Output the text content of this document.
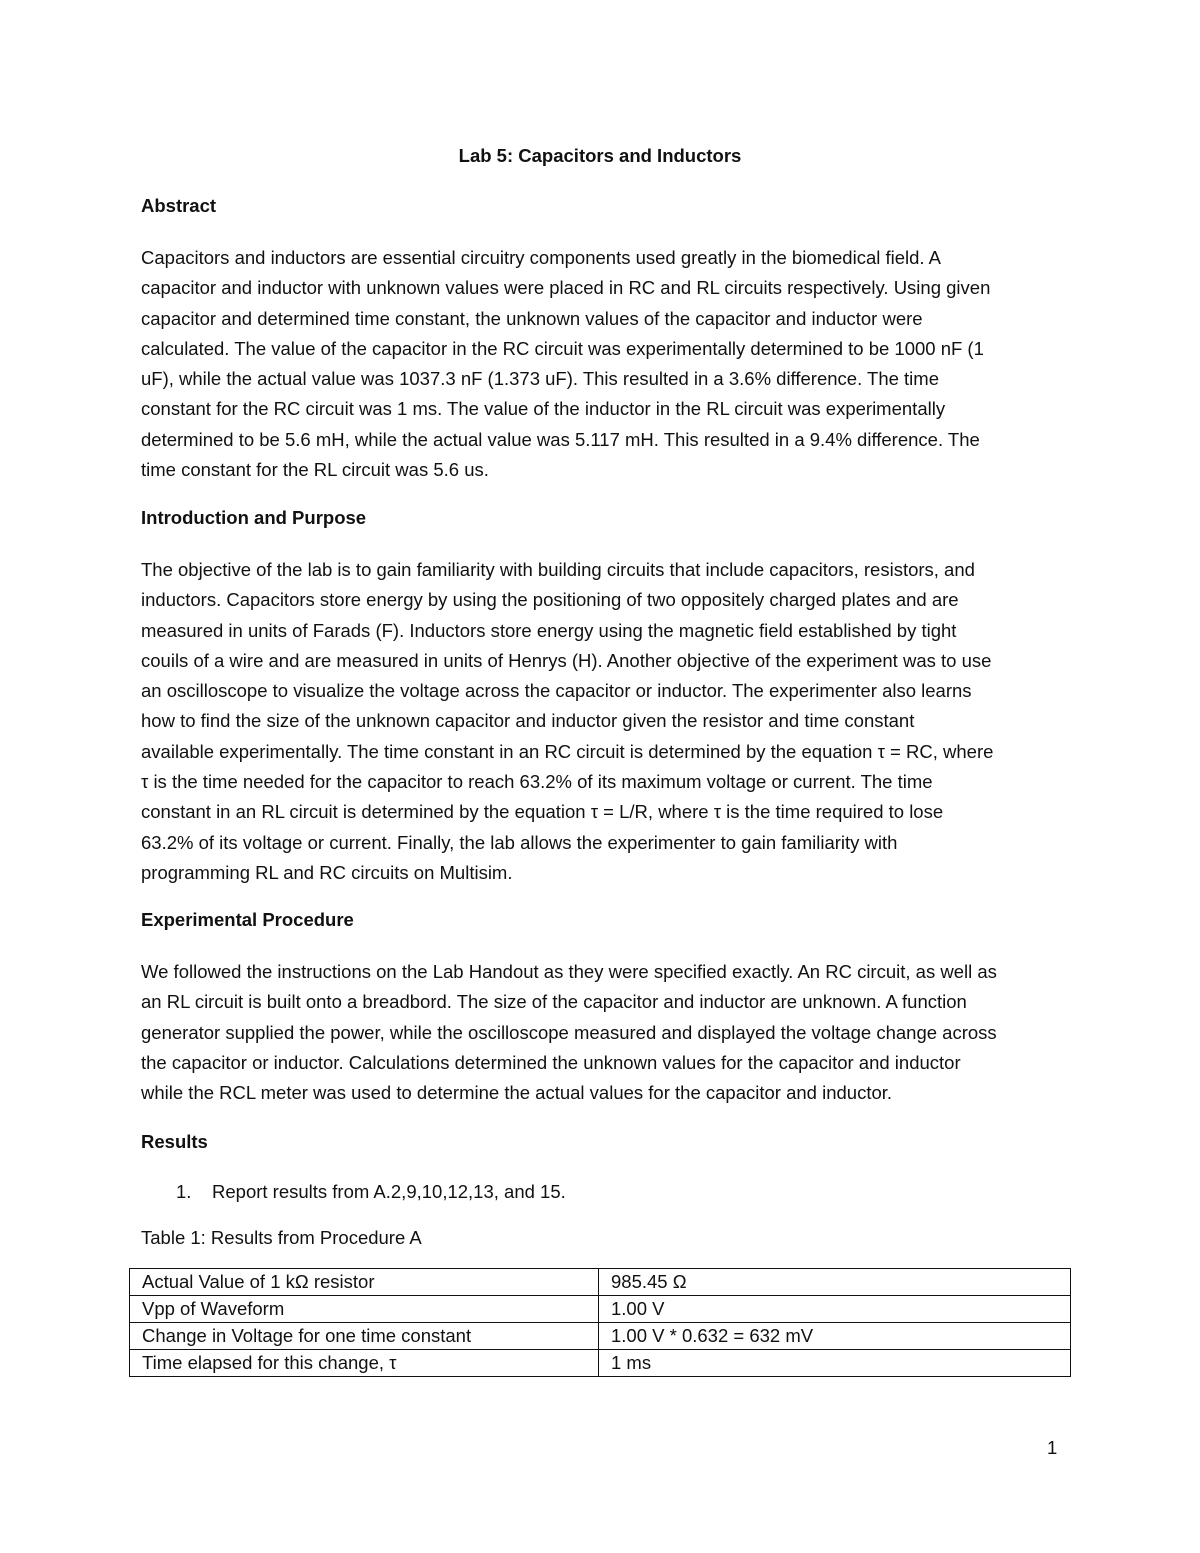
Lab 5: Capacitors and Inductors
Abstract

Capacitors and inductors are essential circuitry components used greatly in the biomedical field. A

capacitor and inductor with unknown values were placed in RC and RL circuits respectively. Using given

capacitor and determined time constant, the unknown values of the capacitor and inductor were

calculated. The value of the capacitor in the RC circuit was experimentally determined to be 1000 nF (1

uF), while the actual value was 1037.3 nF (1.373 uF). This resulted in a 3.6% difference. The time

constant for the RC circuit was 1 ms. The value of the inductor in the RL circuit was experimentally

determined to be 5.6 mH, while the actual value was 5.117 mH. This resulted in a 9.4% difference. The

time constant for the RL circuit was 5.6 us.

Introduction and Purpose

The objective of the lab is to gain familiarity with building circuits that include capacitors, resistors, and

inductors. Capacitors store energy by using the positioning of two oppositely charged plates and are

measured in units of Farads (F). Inductors store energy using the magnetic field established by tight

couils of a wire and are measured in units of Henrys (H). Another objective of the experiment was to use

an oscilloscope to visualize the voltage across the capacitor or inductor. The experimenter also learns

how to find the size of the unknown capacitor and inductor given the resistor and time constant

available experimentally. The time constant in an RC circuit is determined by the equation τ = RC, where

τ is the time needed for the capacitor to reach 63.2% of its maximum voltage or current. The time

constant in an RL circuit is determined by the equation τ = L/R, where τ is the time required to lose

63.2% of its voltage or current. Finally, the lab allows the experimenter to gain familiarity with

programming RL and RC circuits on Multisim.

Experimental Procedure

We followed the instructions on the Lab Handout as they were specified exactly. An RC circuit, as well as

an RL circuit is built onto a breadbord. The size of the capacitor and inductor are unknown. A function

generator supplied the power, while the oscilloscope measured and displayed the voltage change across

the capacitor or inductor. Calculations determined the unknown values for the capacitor and inductor

while the RCL meter was used to determine the actual values for the capacitor and inductor.

Results
1. Report results from A.2,9,10,12,13, and 15.
Table 1: Results from Procedure A
Actual Value of 1 kΩ resistor	985.45 Ω
Vpp of Waveform	1.00 V
Change in Voltage for one time constant	1.00 V * 0.632 = 632 mV
Time elapsed for this change, τ	1 ms
1
